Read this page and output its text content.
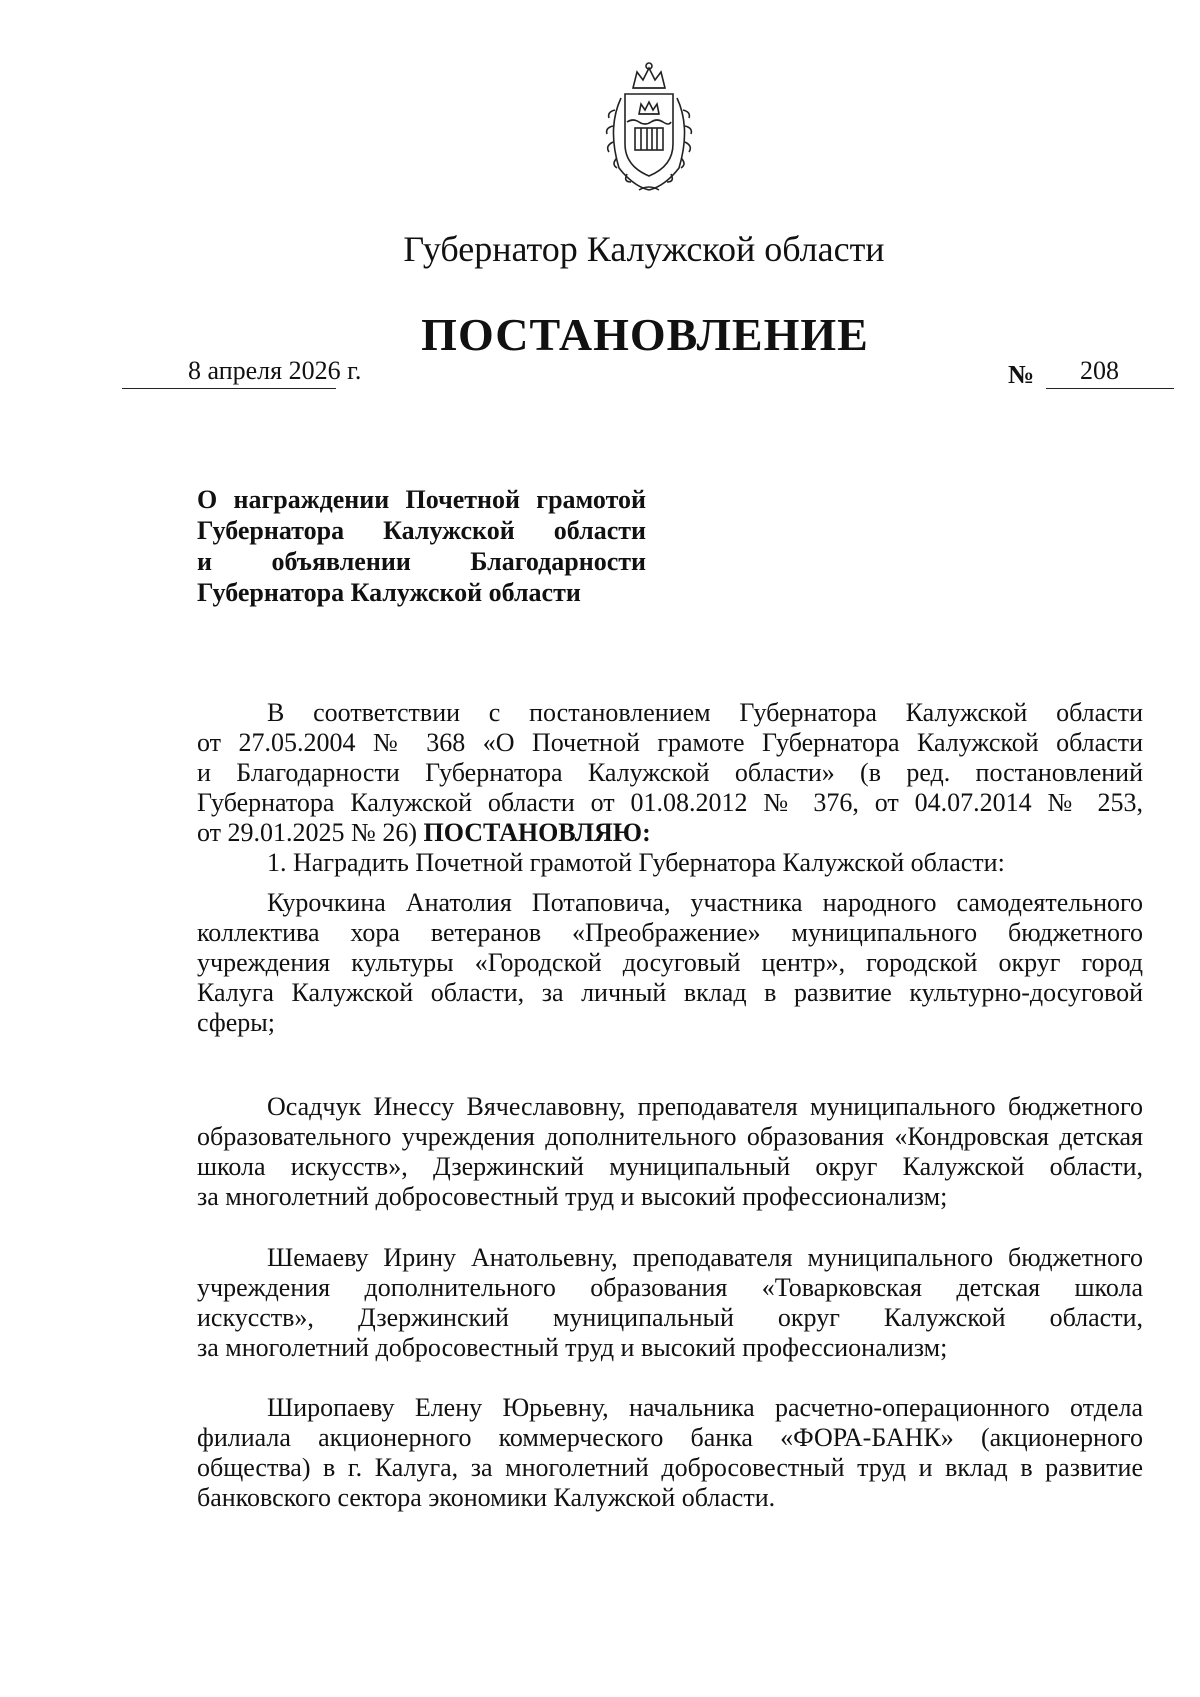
Губернатор Калужской области
ПОСТАНОВЛЕНИЕ
8 апреля 2026 г.	№ 208
О награждении Почетной грамотой
Губернатора Калужской области
и объявлении Благодарности
Губернатора Калужской области
В соответствии с постановлением Губернатора Калужской области
от 27.05.2004 № 368 «О Почетной грамоте Губернатора Калужской области
и Благодарности Губернатора Калужской области» (в ред. постановлений
Губернатора Калужской области от 01.08.2012 № 376, от 04.07.2014 № 253,
от 29.01.2025 № 26) ПОСТАНОВЛЯЮ:
1. Наградить Почетной грамотой Губернатора Калужской области:
Курочкина Анатолия Потаповича, участника народного самодеятельного
коллектива хора ветеранов «Преображение» муниципального бюджетного
учреждения культуры «Городской досуговый центр», городской округ город
Калуга Калужской области, за личный вклад в развитие культурно-досуговой
сферы;
Осадчук Инессу Вячеславовну, преподавателя муниципального бюджетного
образовательного учреждения дополнительного образования «Кондровская детская
школа искусств», Дзержинский муниципальный округ Калужской области,
за многолетний добросовестный труд и высокий профессионализм;
Шемаеву Ирину Анатольевну, преподавателя муниципального бюджетного
учреждения дополнительного образования «Товарковская детская школа
искусств», Дзержинский муниципальный округ Калужской области,
за многолетний добросовестный труд и высокий профессионализм;
Широпаеву Елену Юрьевну, начальника расчетно-операционного отдела
филиала акционерного коммерческого банка «ФОРА-БАНК» (акционерного
общества) в г. Калуга, за многолетний добросовестный труд и вклад в развитие
банковского сектора экономики Калужской области.
